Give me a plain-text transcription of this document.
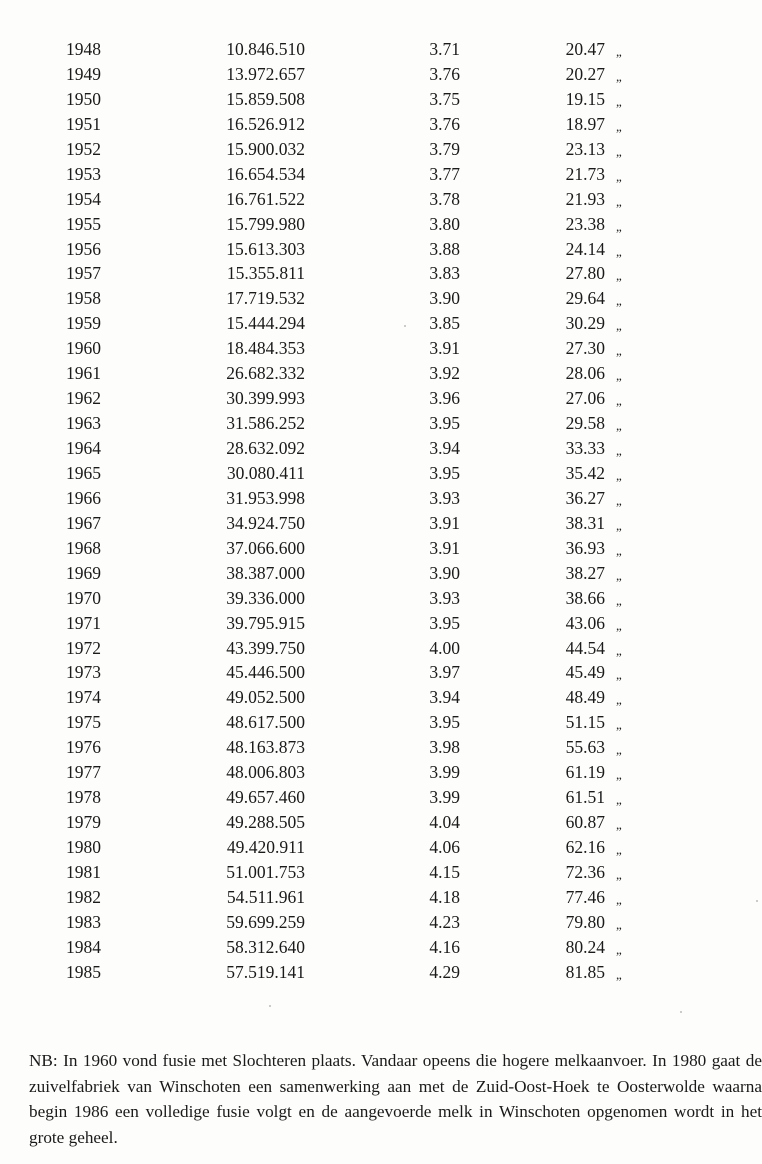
1948	10.846.510	3.71	20.47 „
1949	13.972.657	3.76	20.27 „
1950	15.859.508	3.75	19.15 „
1951	16.526.912	3.76	18.97 „
1952	15.900.032	3.79	23.13 „
1953	16.654.534	3.77	21.73 „
1954	16.761.522	3.78	21.93 „
1955	15.799.980	3.80	23.38 „
1956	15.613.303	3.88	24.14 „
1957	15.355.811	3.83	27.80 „
1958	17.719.532	3.90	29.64 „
1959	15.444.294	3.85	30.29 „
1960	18.484.353	3.91	27.30 „
1961	26.682.332	3.92	28.06 „
1962	30.399.993	3.96	27.06 „
1963	31.586.252	3.95	29.58 „
1964	28.632.092	3.94	33.33 „
1965	30.080.411	3.95	35.42 „
1966	31.953.998	3.93	36.27 „
1967	34.924.750	3.91	38.31 „
1968	37.066.600	3.91	36.93 „
1969	38.387.000	3.90	38.27 „
1970	39.336.000	3.93	38.66 „
1971	39.795.915	3.95	43.06 „
1972	43.399.750	4.00	44.54 „
1973	45.446.500	3.97	45.49 „
1974	49.052.500	3.94	48.49 „
1975	48.617.500	3.95	51.15 „
1976	48.163.873	3.98	55.63 „
1977	48.006.803	3.99	61.19 „
1978	49.657.460	3.99	61.51 „
1979	49.288.505	4.04	60.87 „
1980	49.420.911	4.06	62.16 „
1981	51.001.753	4.15	72.36 „
1982	54.511.961	4.18	77.46 „
1983	59.699.259	4.23	79.80 „
1984	58.312.640	4.16	80.24 „
1985	57.519.141	4.29	81.85 „

NB: In 1960 vond fusie met Slochteren plaats. Vandaar opeens die hogere melkaanvoer. In 1980 gaat de zuivelfabriek van Winschoten een samenwerking aan met de Zuid-Oost-Hoek te Oosterwolde waarna begin 1986 een volledige fusie volgt en de aangevoerde melk in Winschoten opgenomen wordt in het grote geheel.
